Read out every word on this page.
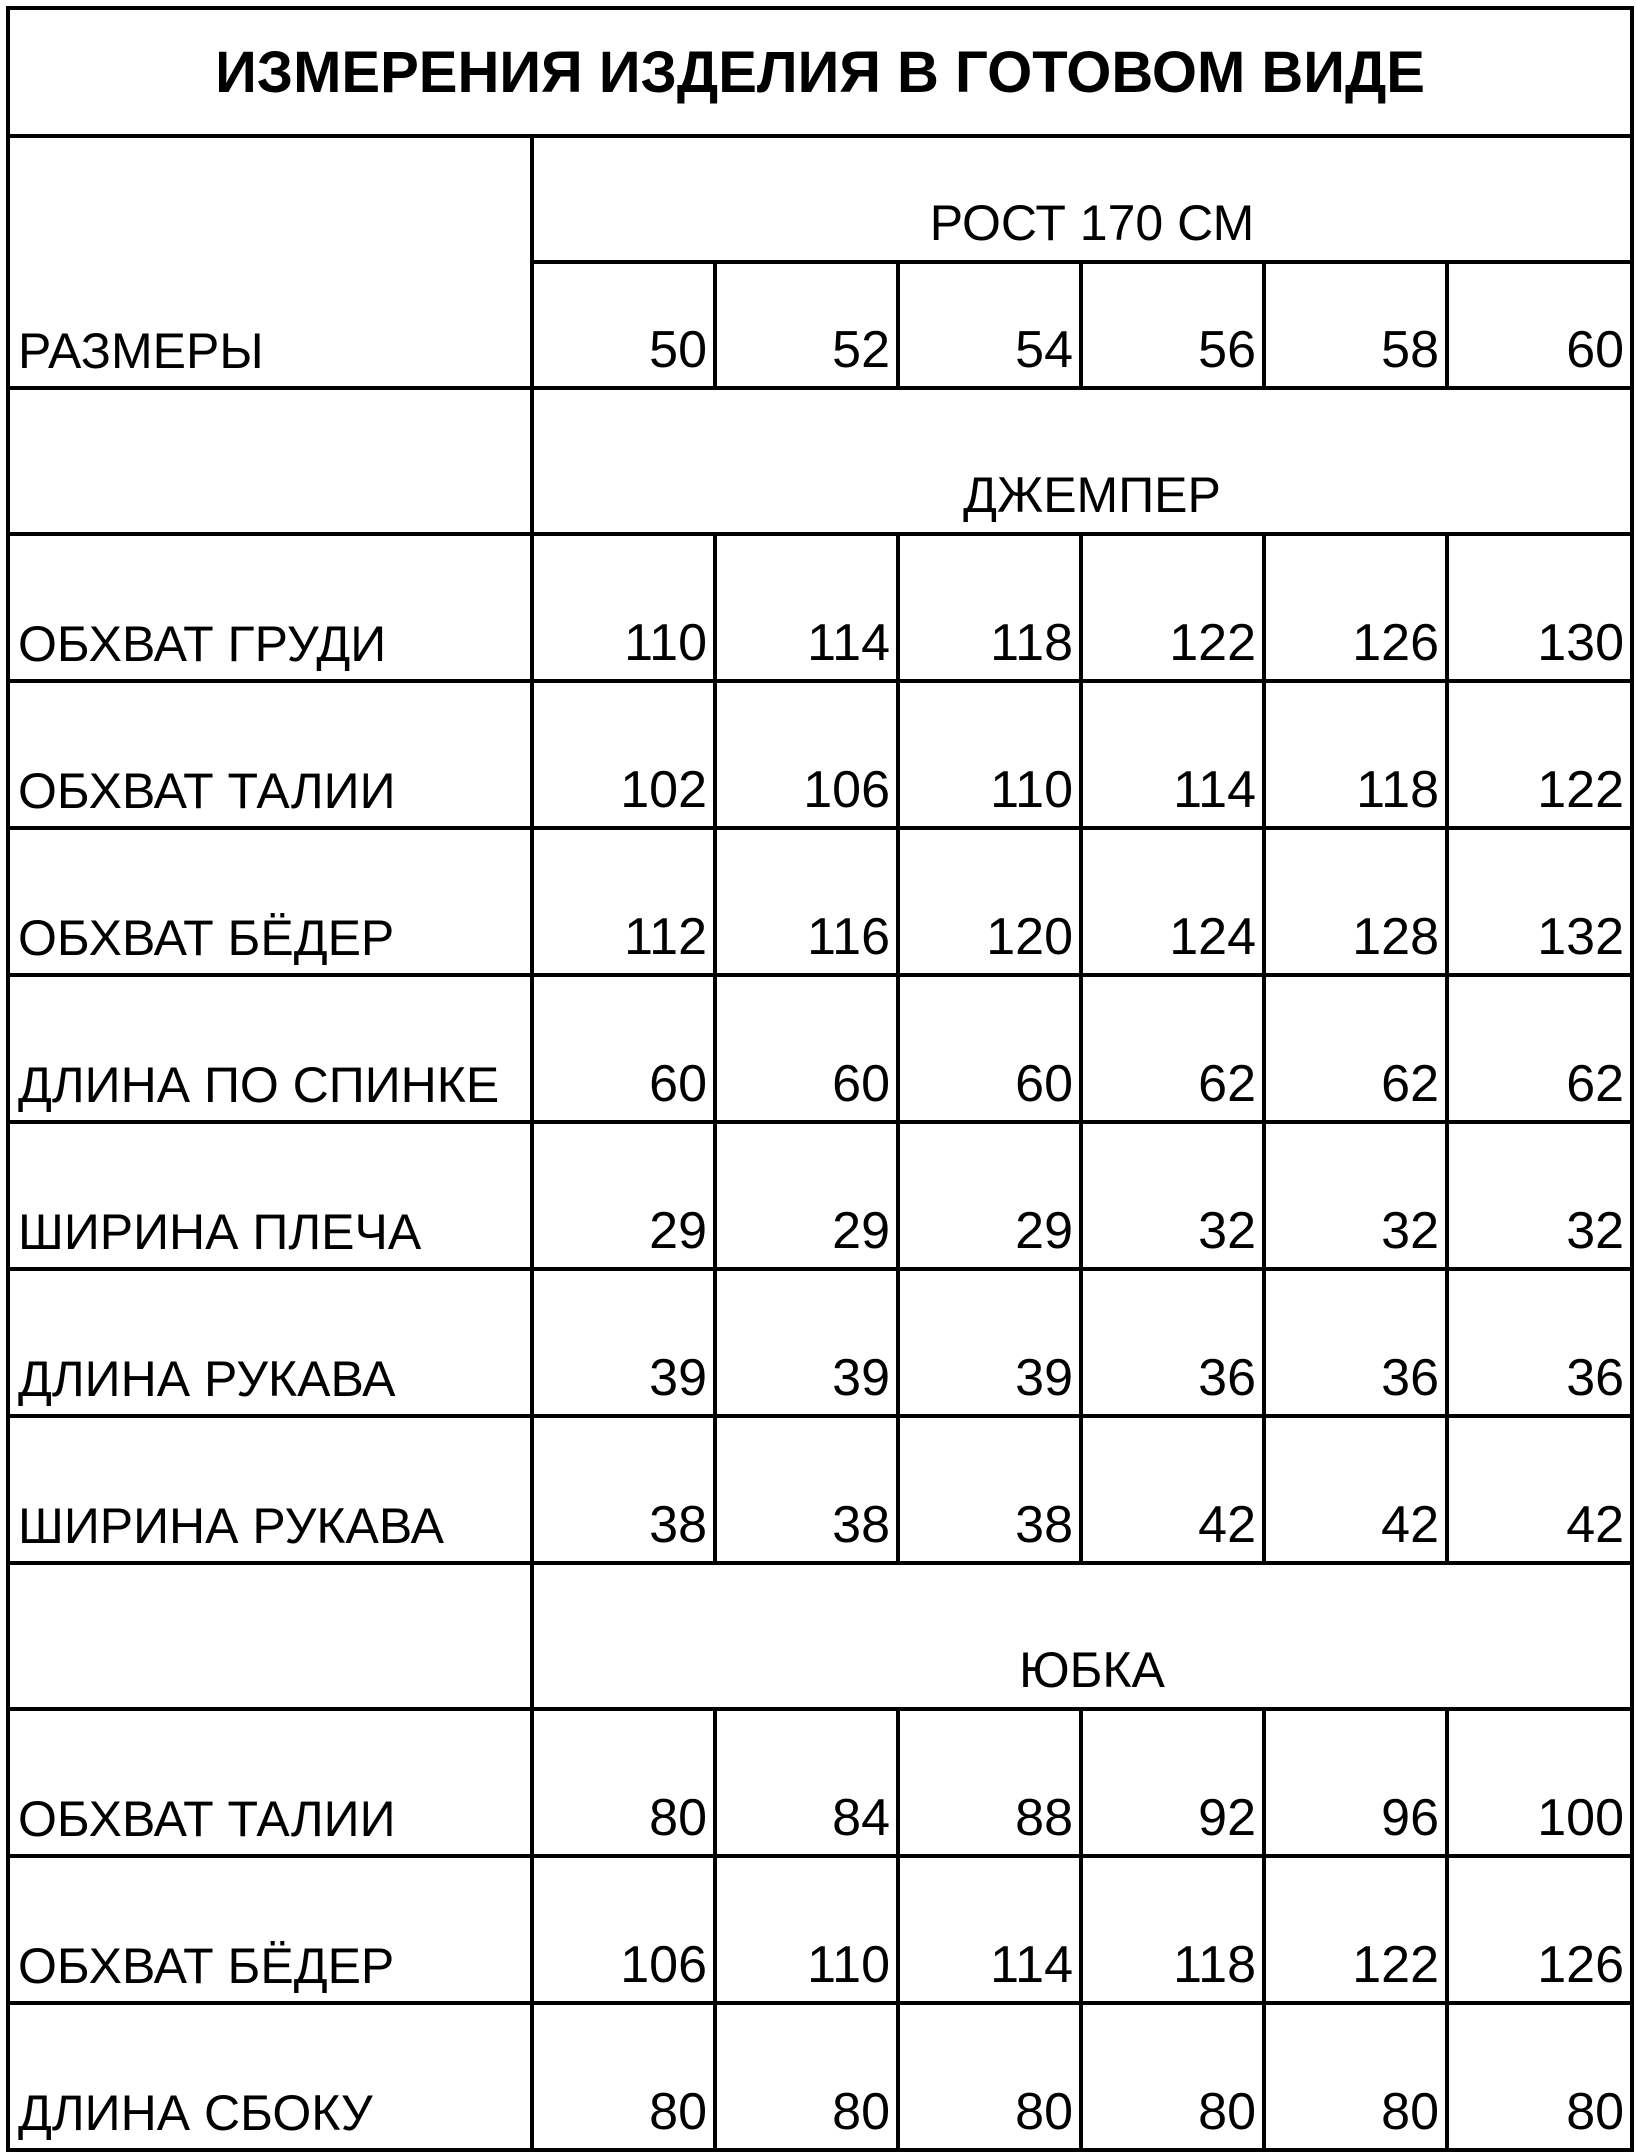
ИЗМЕРЕНИЯ ИЗДЕЛИЯ В ГОТОВОМ ВИДЕ						
РАЗМЕРЫ	РОСТ 170 СМ					
	50	52	54	56	58	60
	ДЖЕМПЕР					
ОБХВАТ ГРУДИ	110	114	118	122	126	130
ОБХВАТ ТАЛИИ	102	106	110	114	118	122
ОБХВАТ БЁДЕР	112	116	120	124	128	132
ДЛИНА ПО СПИНКЕ	60	60	60	62	62	62
ШИРИНА ПЛЕЧА	29	29	29	32	32	32
ДЛИНА РУКАВА	39	39	39	36	36	36
ШИРИНА РУКАВА	38	38	38	42	42	42
	ЮБКА					
ОБХВАТ ТАЛИИ	80	84	88	92	96	100
ОБХВАТ БЁДЕР	106	110	114	118	122	126
ДЛИНА СБОКУ	80	80	80	80	80	80
